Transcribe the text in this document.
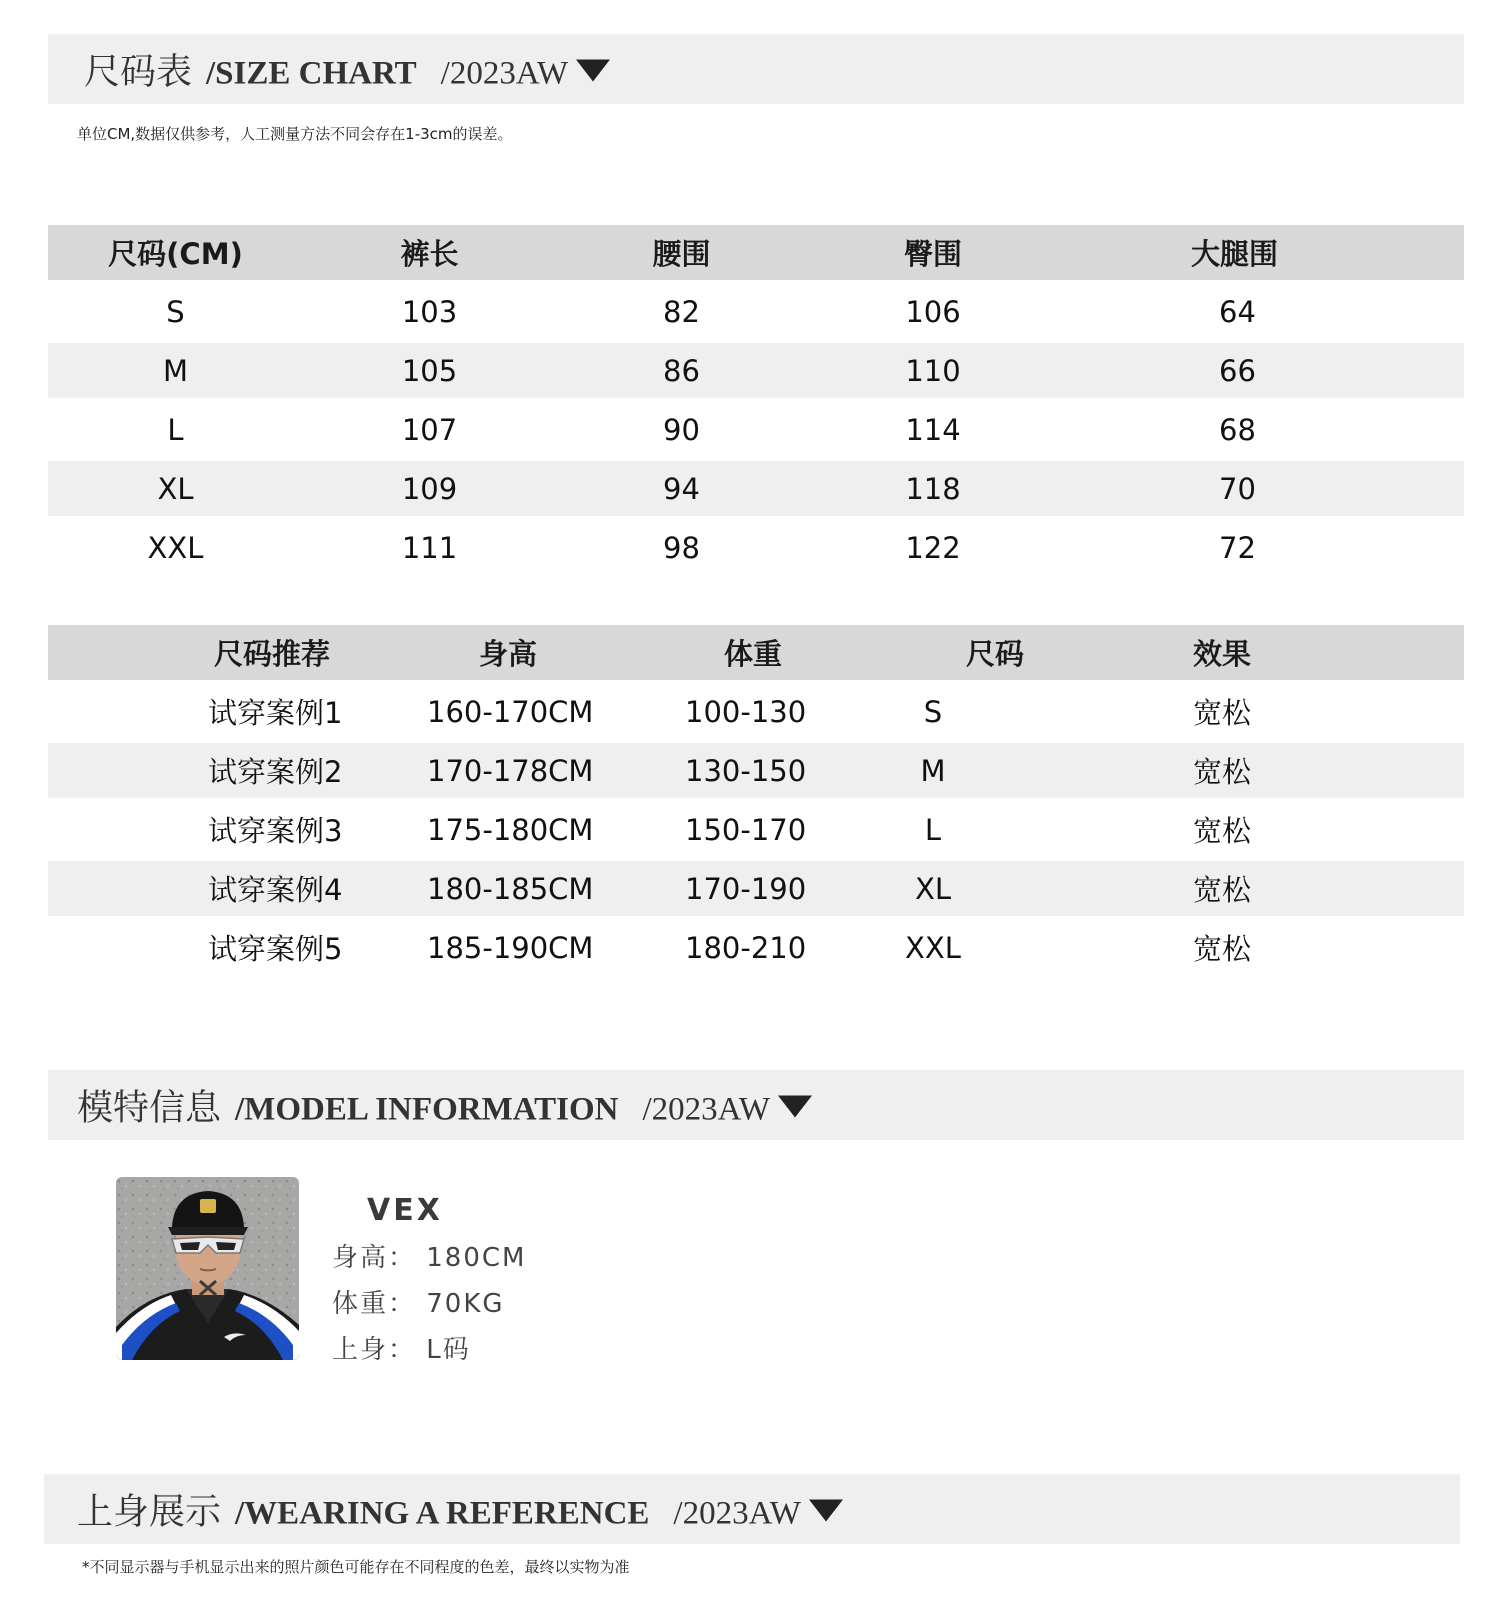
尺码表 /SIZE CHART /2023AW
单位CM,数据仅供参考，人工测量方法不同会存在1-3cm的误差。
尺码(CM)	裤长	腰围	臀围	大腿围
S	103	82	106	64
M	105	86	110	66
L	107	90	114	68
XL	109	94	118	70
XXL	111	98	122	72
尺码推荐	身高	体重	尺码	效果
试穿案例1	160-170CM	100-130	S	宽松
试穿案例2	170-178CM	130-150	M	宽松
试穿案例3	175-180CM	150-170	L	宽松
试穿案例4	180-185CM	170-190	XL	宽松
试穿案例5	185-190CM	180-210	XXL	宽松
模特信息 /MODEL INFORMATION /2023AW
VEX
身高： 180CM
体重： 70KG
上身： L码
上身展示 /WEARING A REFERENCE /2023AW
*不同显示器与手机显示出来的照片颜色可能存在不同程度的色差，最终以实物为准
